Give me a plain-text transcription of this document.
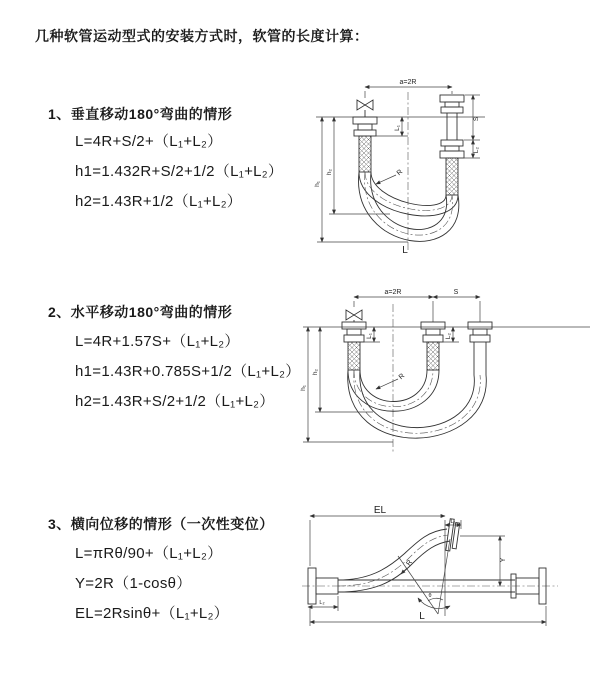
几种软管运动型式的安装方式时，软管的长度计算：
1、垂直移动180°弯曲的情形
L=4R+S/2+（L₁+L₂）
h1=1.432R+S/2+1/2（L₁+L₂）
h2=1.43R+1/2（L₁+L₂）
a=2R
h₁
h₂
L₁
S
L₂
R
L
2、水平移动180°弯曲的情形
L=4R+1.57S+（L₁+L₂）
h1=1.43R+0.785S+1/2（L₁+L₂）
h2=1.43R+S/2+1/2（L₁+L₂）
a=2R	S
h₁
h₂
L₁	L₂
R
3、横向位移的情形（一次性变位）
L=πRθ/90+（L₁+L₂）
Y=2R（1-cosθ）
EL=2Rsinθ+（L₁+L₂）
EL
L₁
Y
R
θ
L
L₂
